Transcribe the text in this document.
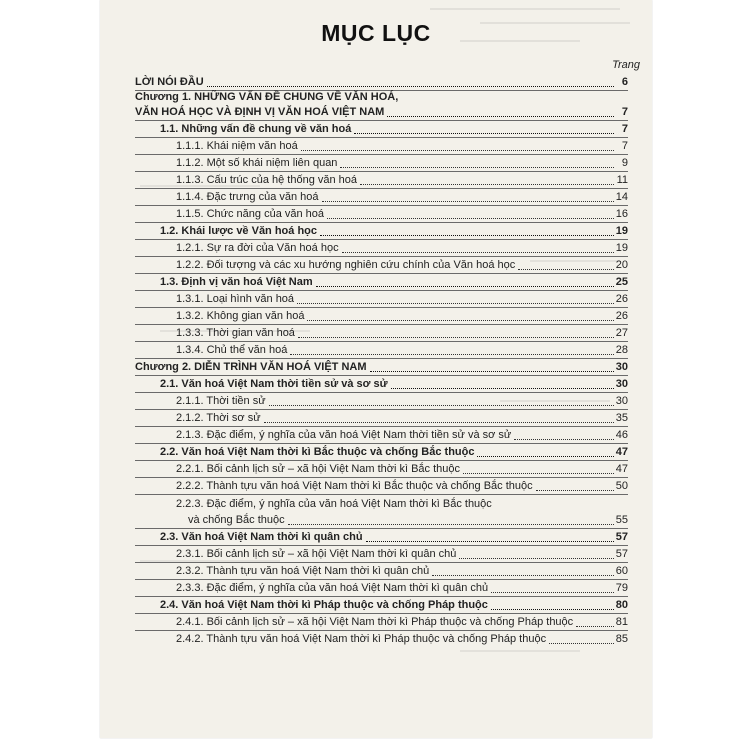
MỤC LỤC
Trang
LỜI NÓI ĐẦU	6
Chương 1. NHỮNG VẤN ĐỀ CHUNG VỀ VĂN HOÁ,
VĂN HOÁ HỌC VÀ ĐỊNH VỊ VĂN HOÁ VIỆT NAM	7
1.1. Những vấn đề chung về văn hoá	7
1.1.1. Khái niệm văn hoá	7
1.1.2. Một số khái niệm liên quan	9
1.1.3. Cấu trúc của hệ thống văn hoá	11
1.1.4. Đặc trưng của văn hoá	14
1.1.5. Chức năng của văn hoá	16
1.2. Khái lược về Văn hoá học	19
1.2.1. Sự ra đời của Văn hoá học	19
1.2.2. Đối tượng và các xu hướng nghiên cứu chính của Văn hoá học	20
1.3. Định vị văn hoá Việt Nam	25
1.3.1. Loại hình văn hoá	26
1.3.2. Không gian văn hoá	26
1.3.3. Thời gian văn hoá	27
1.3.4. Chủ thể văn hoá	28
Chương 2. DIỄN TRÌNH VĂN HOÁ VIỆT NAM	30
2.1. Văn hoá Việt Nam thời tiền sử và sơ sử	30
2.1.1. Thời tiền sử	30
2.1.2. Thời sơ sử	35
2.1.3. Đặc điểm, ý nghĩa của văn hoá Việt Nam thời tiền sử và sơ sử	46
2.2. Văn hoá Việt Nam thời kì Bắc thuộc và chống Bắc thuộc	47
2.2.1. Bối cảnh lịch sử – xã hội Việt Nam thời kì Bắc thuộc	47
2.2.2. Thành tựu văn hoá Việt Nam thời kì Bắc thuộc và chống Bắc thuộc	50
2.2.3. Đặc điểm, ý nghĩa của văn hoá Việt Nam thời kì Bắc thuộc
và chống Bắc thuộc	55
2.3. Văn hoá Việt Nam thời kì quân chủ	57
2.3.1. Bối cảnh lịch sử – xã hội Việt Nam thời kì quân chủ	57
2.3.2. Thành tựu văn hoá Việt Nam thời kì quân chủ	60
2.3.3. Đặc điểm, ý nghĩa của văn hoá Việt Nam thời kì quân chủ	79
2.4. Văn hoá Việt Nam thời kì Pháp thuộc và chống Pháp thuộc	80
2.4.1. Bối cảnh lịch sử – xã hội Việt Nam thời kì Pháp thuộc và chống Pháp thuộc	81
2.4.2. Thành tựu văn hoá Việt Nam thời kì Pháp thuộc và chống Pháp thuộc	85
